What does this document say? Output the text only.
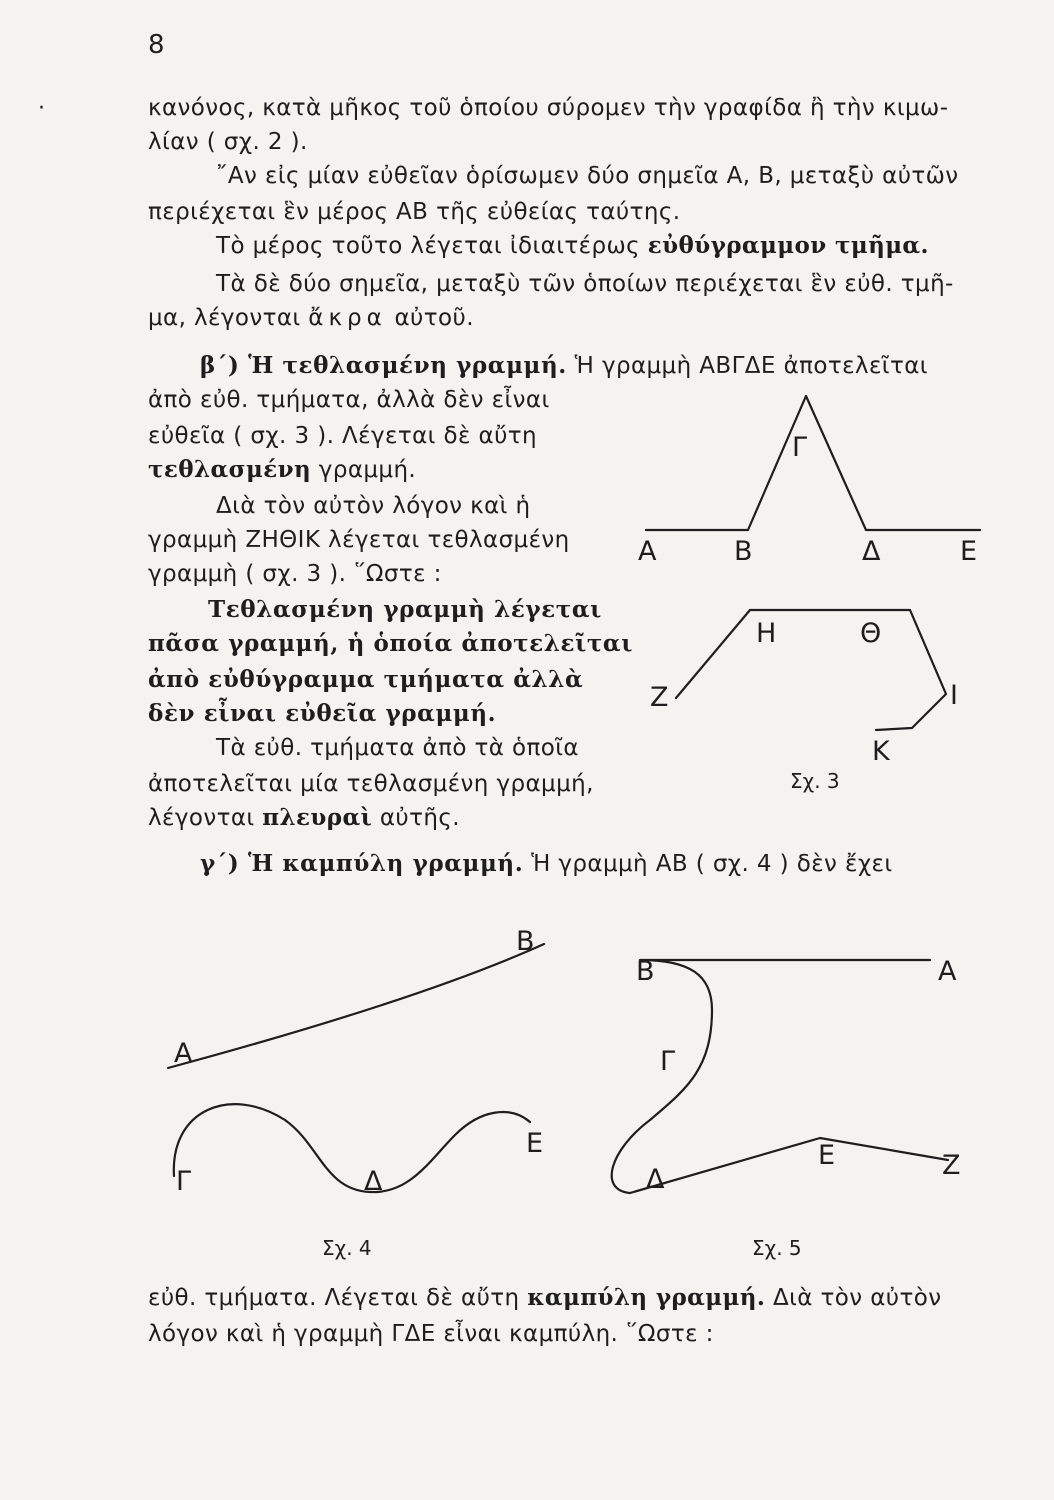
8
·	κανόνος, κατὰ μῆκος τοῦ ὁποίου σύρομεν τὴν γραφίδα ἢ τὴν κιμω-
λίαν ( σχ. 2 ).
῎Αν εἰς μίαν εὐθεῖαν ὁρίσωμεν δύο σημεῖα Α, Β, μεταξὺ αὐτῶν
περιέχεται ἓν μέρος ΑΒ τῆς εὐθείας ταύτης.
Τὸ μέρος τοῦτο λέγεται ἰδιαιτέρως εὐθύγραμμον τμῆμα.
Τὰ δὲ δύο σημεῖα, μεταξὺ τῶν ὁποίων περιέχεται ἓν εὐθ. τμῆ-
μα, λέγονται ἄκρα αὐτοῦ.
β΄) Ἡ τεθλασμένη γραμμή. Ἡ γραμμὴ ΑΒΓΔΕ ἀποτελεῖται
ἀπὸ εὐθ. τμήματα, ἀλλὰ δὲν εἶναι
εὐθεῖα ( σχ. 3 ). Λέγεται δὲ αὔτη
τεθλασμένη γραμμή.
Διὰ τὸν αὐτὸν λόγον καὶ ἡ
γραμμὴ ΖΗΘΙΚ λέγεται τεθλασμένη
γραμμὴ ( σχ. 3 ). ῞Ωστε :
Τεθλασμένη γραμμὴ λέγεται
πᾶσα γραμμή, ἡ ὁποία ἀποτελεῖται
ἀπὸ εὐθύγραμμα τμήματα ἀλλὰ
δὲν εἶναι εὐθεῖα γραμμή.
Τὰ εὐθ. τμήματα ἀπὸ τὰ ὁποῖα
ἀποτελεῖται μία τεθλασμένη γραμμή,
λέγονται πλευραὶ αὐτῆς.
γ΄) Ἡ καμπύλη γραμμή. Ἡ γραμμὴ ΑΒ ( σχ. 4 ) δὲν ἔχει
εὐθ. τμήματα. Λέγεται δὲ αὔτη καμπύλη γραμμή. Διὰ τὸν αὐτὸν
λόγον καὶ ἡ γραμμὴ ΓΔΕ εἶναι καμπύλη. ῞Ωστε :
Α	Β
Γ
Δ	Ε
Ζ
Η	Θ
Ι
Κ
Σχ. 3
Α
Β
Γ	Δ
Ε
Σχ. 4
Β	Α
Γ
Δ
Ε	Ζ
Σχ. 5
